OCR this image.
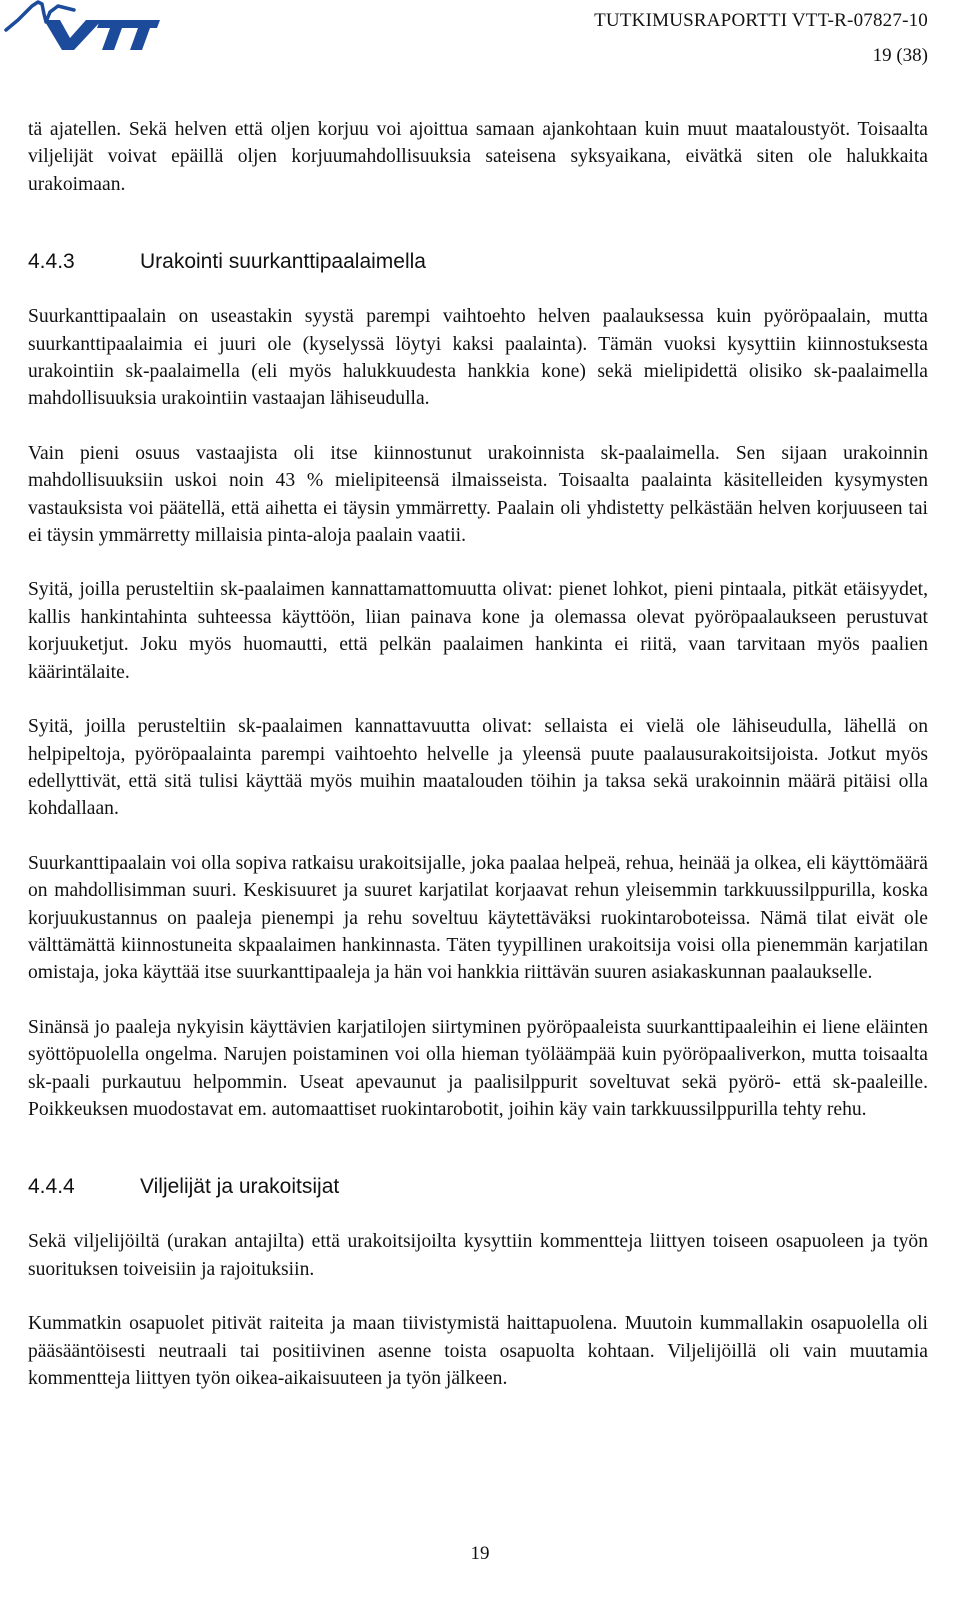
VTT
TUTKIMUSRAPORTTI VTT-R-07827-10
19 (38)

tä ajatellen. Sekä helven että oljen korjuu voi ajoittua samaan ajankohtaan kuin muut maataloustyöt. Toisaalta viljelijät voivat epäillä oljen korjuumahdollisuuksia sateisena syksyaikana, eivätkä siten ole halukkaita urakoimaan.

4.4.3	Urakointi suurkanttipaalaimella

Suurkanttipaalain on useastakin syystä parempi vaihtoehto helven paalauksessa kuin pyöröpaalain, mutta suurkanttipaalaimia ei juuri ole (kyselyssä löytyi kaksi paalainta). Tämän vuoksi kysyttiin kiinnostuksesta urakointiin sk-paalaimella (eli myös halukkuudesta hankkia kone) sekä mielipidettä olisiko sk-paalaimella mahdollisuuksia urakointiin vastaajan lähiseudulla.

Vain pieni osuus vastaajista oli itse kiinnostunut urakoinnista sk-paalaimella. Sen sijaan urakoinnin mahdollisuuksiin uskoi noin 43 % mielipiteensä ilmaisseista. Toisaalta paalainta käsitelleiden kysymysten vastauksista voi päätellä, että aihetta ei täysin ymmärretty. Paalain oli yhdistetty pelkästään helven korjuuseen tai ei täysin ymmärretty millaisia pinta-aloja paalain vaatii.

Syitä, joilla perusteltiin sk-paalaimen kannattamattomuutta olivat: pienet lohkot, pieni pintaala, pitkät etäisyydet, kallis hankintahinta suhteessa käyttöön, liian painava kone ja olemassa olevat pyöröpaalaukseen perustuvat korjuuketjut. Joku myös huomautti, että pelkän paalaimen hankinta ei riitä, vaan tarvitaan myös paalien käärintälaite.

Syitä, joilla perusteltiin sk-paalaimen kannattavuutta olivat: sellaista ei vielä ole lähiseudulla, lähellä on helpipeltoja, pyöröpaalainta parempi vaihtoehto helvelle ja yleensä puute paalausurakoitsijoista. Jotkut myös edellyttivät, että sitä tulisi käyttää myös muihin maatalouden töihin ja taksa sekä urakoinnin määrä pitäisi olla kohdallaan.

Suurkanttipaalain voi olla sopiva ratkaisu urakoitsijalle, joka paalaa helpeä, rehua, heinää ja olkea, eli käyttömäärä on mahdollisimman suuri. Keskisuuret ja suuret karjatilat korjaavat rehun yleisemmin tarkkuussilppurilla, koska korjuukustannus on paaleja pienempi ja rehu soveltuu käytettäväksi ruokintaroboteissa. Nämä tilat eivät ole välttämättä kiinnostuneita skpaalaimen hankinnasta. Täten tyypillinen urakoitsija voisi olla pienemmän karjatilan omistaja, joka käyttää itse suurkanttipaaleja ja hän voi hankkia riittävän suuren asiakaskunnan paalaukselle.

Sinänsä jo paaleja nykyisin käyttävien karjatilojen siirtyminen pyöröpaaleista suurkanttipaaleihin ei liene eläinten syöttöpuolella ongelma. Narujen poistaminen voi olla hieman työläämpää kuin pyöröpaaliverkon, mutta toisaalta sk-paali purkautuu helpommin. Useat apevaunut ja paalisilppurit soveltuvat sekä pyörö- että sk-paaleille. Poikkeuksen muodostavat em. automaattiset ruokintarobotit, joihin käy vain tarkkuussilppurilla tehty rehu.

4.4.4	Viljelijät ja urakoitsijat

Sekä viljelijöiltä (urakan antajilta) että urakoitsijoilta kysyttiin kommentteja liittyen toiseen osapuoleen ja työn suorituksen toiveisiin ja rajoituksiin.

Kummatkin osapuolet pitivät raiteita ja maan tiivistymistä haittapuolena. Muutoin kummallakin osapuolella oli pääsääntöisesti neutraali tai positiivinen asenne toista osapuolta kohtaan. Viljelijöillä oli vain muutamia kommentteja liittyen työn oikea-aikaisuuteen ja työn jälkeen.

19
